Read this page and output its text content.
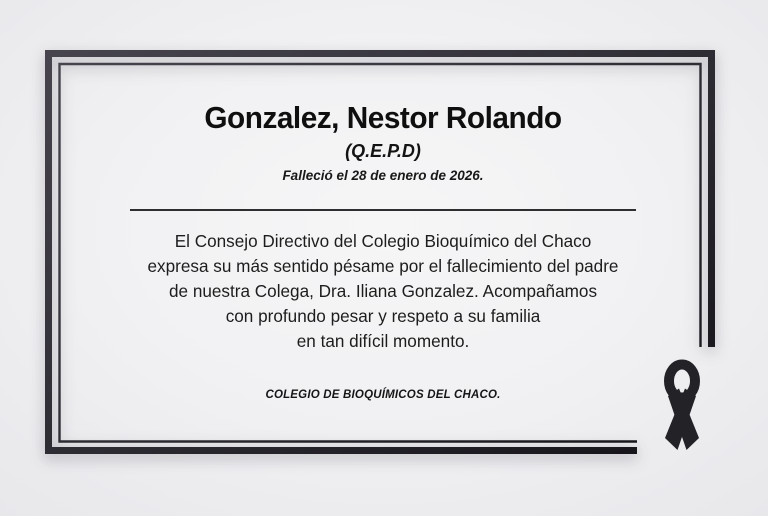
Gonzalez, Nestor Rolando
(Q.E.P.D)
Falleció el 28 de enero de 2026.
El Consejo Directivo del Colegio Bioquímico del Chaco
expresa su más sentido pésame por el fallecimiento del padre
de nuestra Colega, Dra. Iliana Gonzalez. Acompañamos
con profundo pesar y respeto a su familia
en tan difícil momento.
COLEGIO DE BIOQUÍMICOS DEL CHACO.
